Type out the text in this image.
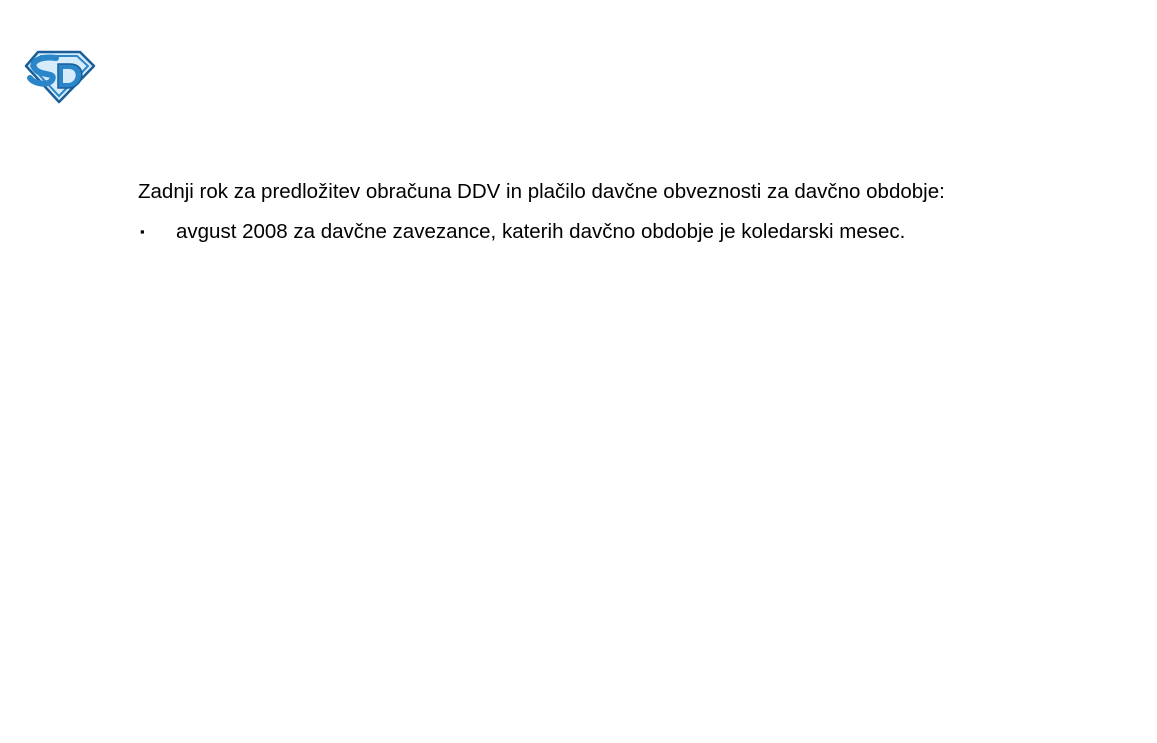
Zadnji rok za predložitev obračuna DDV in plačilo davčne obveznosti za davčno obdobje:

▪ avgust 2008 za davčne zavezance, katerih davčno obdobje je koledarski mesec.
